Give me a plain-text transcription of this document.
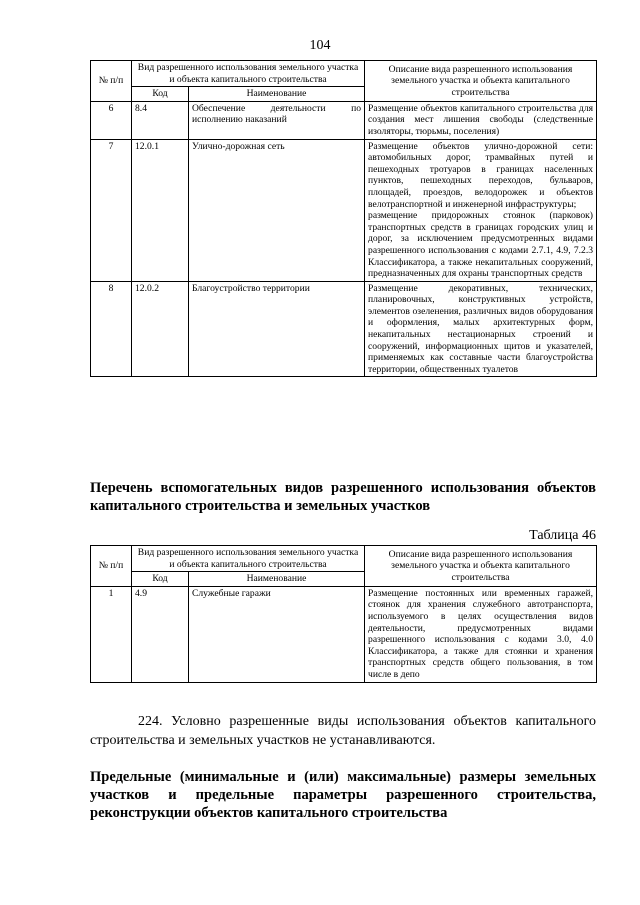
104
№ п/п	Вид разрешенного использования земельного участка и объекта капитального строительства		Описание вида разрешенного использования земельного участка и объекта капитального строительства
	Код	Наименование	
6	8.4	Обеспечение деятельности по исполнению наказаний	Размещение объектов капитального строительства для создания мест лишения свободы (следственные изоляторы, тюрьмы, поселения)

7	12.0.1	Улично-дорожная сеть	Размещение объектов улично-дорожной сети: автомобильных дорог, трамвайных путей и пешеходных тротуаров в границах населенных пунктов, пешеходных переходов, бульваров, площадей, проездов, велодорожек и объектов велотранспортной и инженерной инфраструктуры;
размещение придорожных стоянок (парковок) транспортных средств в границах городских улиц и дорог, за исключением предусмотренных видами разрешенного использования с кодами 2.7.1, 4.9, 7.2.3 Классификатора, а также некапитальных сооружений, предназначенных для охраны транспортных средств

8	12.0.2	Благоустройство территории	Размещение декоративных, технических, планировочных, конструктивных устройств, элементов озеленения, различных видов оборудования и оформления, малых архитектурных форм, некапитальных нестационарных строений и сооружений, информационных щитов и указателей, применяемых как составные части благоустройства территории, общественных туалетов
Перечень вспомогательных видов разрешенного использования объектов капитального строительства и земельных участков
Таблица 46
№ п/п	Вид разрешенного использования земельного участка и объекта капитального строительства		Описание вида разрешенного использования земельного участка и объекта капитального строительства
	Код	Наименование	
1	4.9	Служебные гаражи	Размещение постоянных или временных гаражей, стоянок для хранения служебного автотранспорта, используемого в целях осуществления видов деятельности, предусмотренных видами разрешенного использования с кодами 3.0, 4.0 Классификатора, а также для стоянки и хранения транспортных средств общего пользования, в том числе в депо
224. Условно разрешенные виды использования объектов капитального строительства и земельных участков не устанавливаются.
Предельные (минимальные и (или) максимальные) размеры земельных участков и предельные параметры разрешенного строительства, реконструкции объектов капитального строительства
